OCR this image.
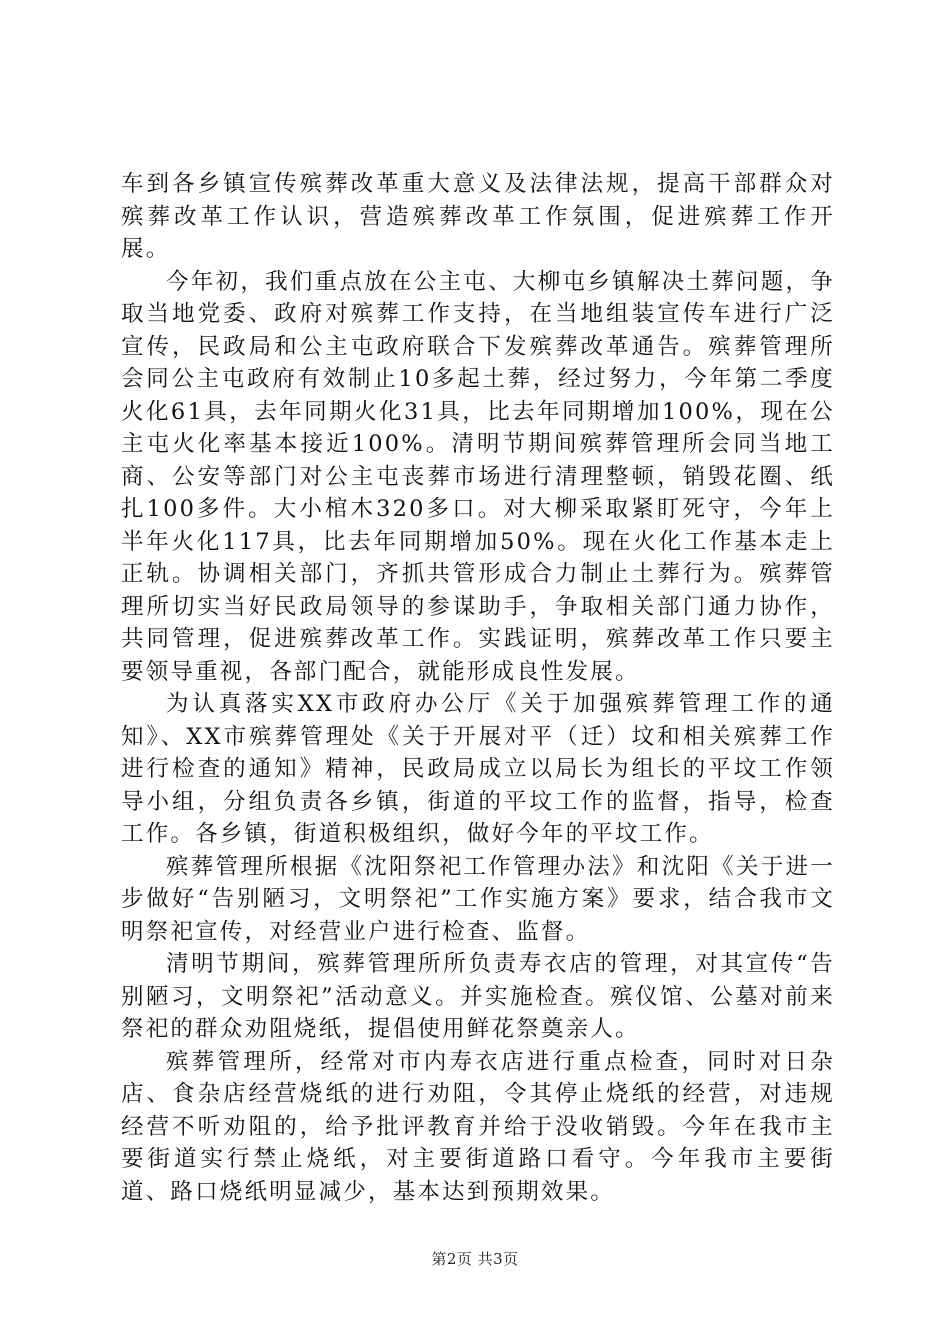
车到各乡镇宣传殡葬改革重大意义及法律法规，提高干部群众对殡葬改革工作认识，营造殡葬改革工作氛围，促进殡葬工作开展。

今年初，我们重点放在公主屯、大柳屯乡镇解决土葬问题，争取当地党委、政府对殡葬工作支持，在当地组装宣传车进行广泛宣传，民政局和公主屯政府联合下发殡葬改革通告。殡葬管理所会同公主屯政府有效制止10多起土葬，经过努力，今年第二季度火化61具，去年同期火化31具，比去年同期增加100%，现在公主屯火化率基本接近100%。清明节期间殡葬管理所会同当地工商、公安等部门对公主屯丧葬市场进行清理整顿，销毁花圈、纸扎100多件。大小棺木320多口。对大柳采取紧盯死守，今年上半年火化117具，比去年同期增加50%。现在火化工作基本走上正轨。协调相关部门，齐抓共管形成合力制止土葬行为。殡葬管理所切实当好民政局领导的参谋助手，争取相关部门通力协作，共同管理，促进殡葬改革工作。实践证明，殡葬改革工作只要主要领导重视，各部门配合，就能形成良性发展。

为认真落实XX市政府办公厅《关于加强殡葬管理工作的通知》、XX市殡葬管理处《关于开展对平（迁）坟和相关殡葬工作进行检查的通知》精神，民政局成立以局长为组长的平坟工作领导小组，分组负责各乡镇，街道的平坟工作的监督，指导，检查工作。各乡镇，街道积极组织，做好今年的平坟工作。

殡葬管理所根据《沈阳祭祀工作管理办法》和沈阳《关于进一步做好“告别陋习，文明祭祀”工作实施方案》要求，结合我市文明祭祀宣传，对经营业户进行检查、监督。

清明节期间，殡葬管理所所负责寿衣店的管理，对其宣传“告别陋习，文明祭祀”活动意义。并实施检查。殡仪馆、公墓对前来祭祀的群众劝阻烧纸，提倡使用鲜花祭奠亲人。

殡葬管理所，经常对市内寿衣店进行重点检查，同时对日杂店、食杂店经营烧纸的进行劝阻，令其停止烧纸的经营，对违规经营不听劝阻的，给予批评教育并给于没收销毁。今年在我市主要街道实行禁止烧纸，对主要街道路口看守。今年我市主要街道、路口烧纸明显减少，基本达到预期效果。

第2页 共3页
